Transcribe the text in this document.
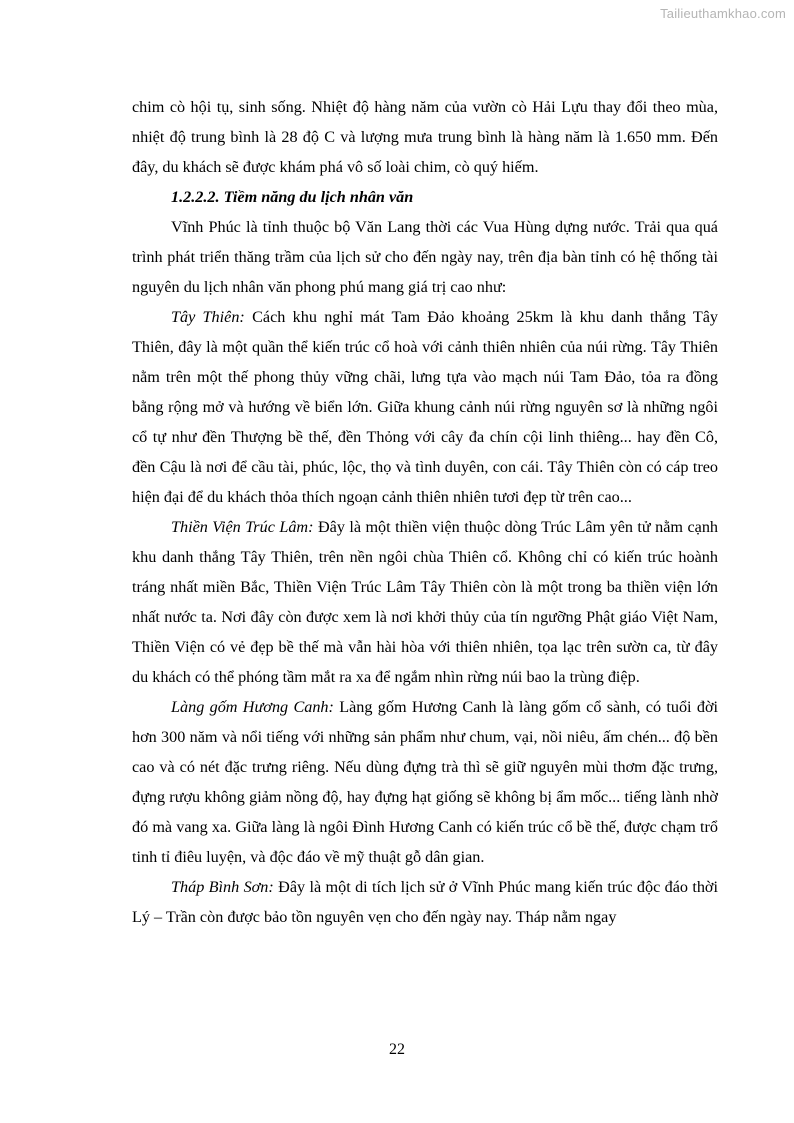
Tailieuthamkhao.com

chim cò hội tụ, sinh sống. Nhiệt độ hàng năm của vườn cò Hải Lựu thay đổi theo mùa, nhiệt độ trung bình là 28 độ C và lượng mưa trung bình là hàng năm là 1.650 mm. Đến đây, du khách sẽ được khám phá vô số loài chim, cò quý hiếm.

1.2.2.2. Tiềm năng du lịch nhân văn

Vĩnh Phúc là tỉnh thuộc bộ Văn Lang thời các Vua Hùng dựng nước. Trải qua quá trình phát triển thăng trầm của lịch sử cho đến ngày nay, trên địa bàn tỉnh có hệ thống tài nguyên du lịch nhân văn phong phú mang giá trị cao như:

Tây Thiên: Cách khu nghỉ mát Tam Đảo khoảng 25km là khu danh thắng Tây Thiên, đây là một quần thể kiến trúc cổ hoà với cảnh thiên nhiên của núi rừng. Tây Thiên nằm trên một thế phong thủy vững chãi, lưng tựa vào mạch núi Tam Đảo, tỏa ra đồng bằng rộng mở và hướng về biển lớn. Giữa khung cảnh núi rừng nguyên sơ là những ngôi cổ tự như đền Thượng bề thế, đền Thỏng với cây đa chín cội linh thiêng... hay đền Cô, đền Cậu là nơi để cầu tài, phúc, lộc, thọ và tình duyên, con cái. Tây Thiên còn có cáp treo hiện đại để du khách thỏa thích ngoạn cảnh thiên nhiên tươi đẹp từ trên cao...

Thiền Viện Trúc Lâm: Đây là một thiền viện thuộc dòng Trúc Lâm yên tử nằm cạnh khu danh thắng Tây Thiên, trên nền ngôi chùa Thiên cổ. Không chỉ có kiến trúc hoành tráng nhất miền Bắc, Thiền Viện Trúc Lâm Tây Thiên còn là một trong ba thiền viện lớn nhất nước ta. Nơi đây còn được xem là nơi khởi thủy của tín ngưỡng Phật giáo Việt Nam, Thiền Viện có vẻ đẹp bề thế mà vẫn hài hòa với thiên nhiên, tọa lạc trên sườn ca, từ đây du khách có thể phóng tầm mắt ra xa để ngắm nhìn rừng núi bao la trùng điệp.

Làng gốm Hương Canh: Làng gốm Hương Canh là làng gốm cổ sành, có tuổi đời hơn 300 năm và nổi tiếng với những sản phẩm như chum, vại, nồi niêu, ấm chén... độ bền cao và có nét đặc trưng riêng. Nếu dùng đựng trà thì sẽ giữ nguyên mùi thơm đặc trưng, đựng rượu không giảm nồng độ, hay đựng hạt giống sẽ không bị ẩm mốc... tiếng lành nhờ đó mà vang xa. Giữa làng là ngôi Đình Hương Canh có kiến trúc cổ bề thế, được chạm trổ tinh tỉ điêu luyện, và độc đáo về mỹ thuật gỗ dân gian.

Tháp Bình Sơn: Đây là một di tích lịch sử ở Vĩnh Phúc mang kiến trúc độc đáo thời Lý – Trần còn được bảo tồn nguyên vẹn cho đến ngày nay. Tháp nằm ngay

22
